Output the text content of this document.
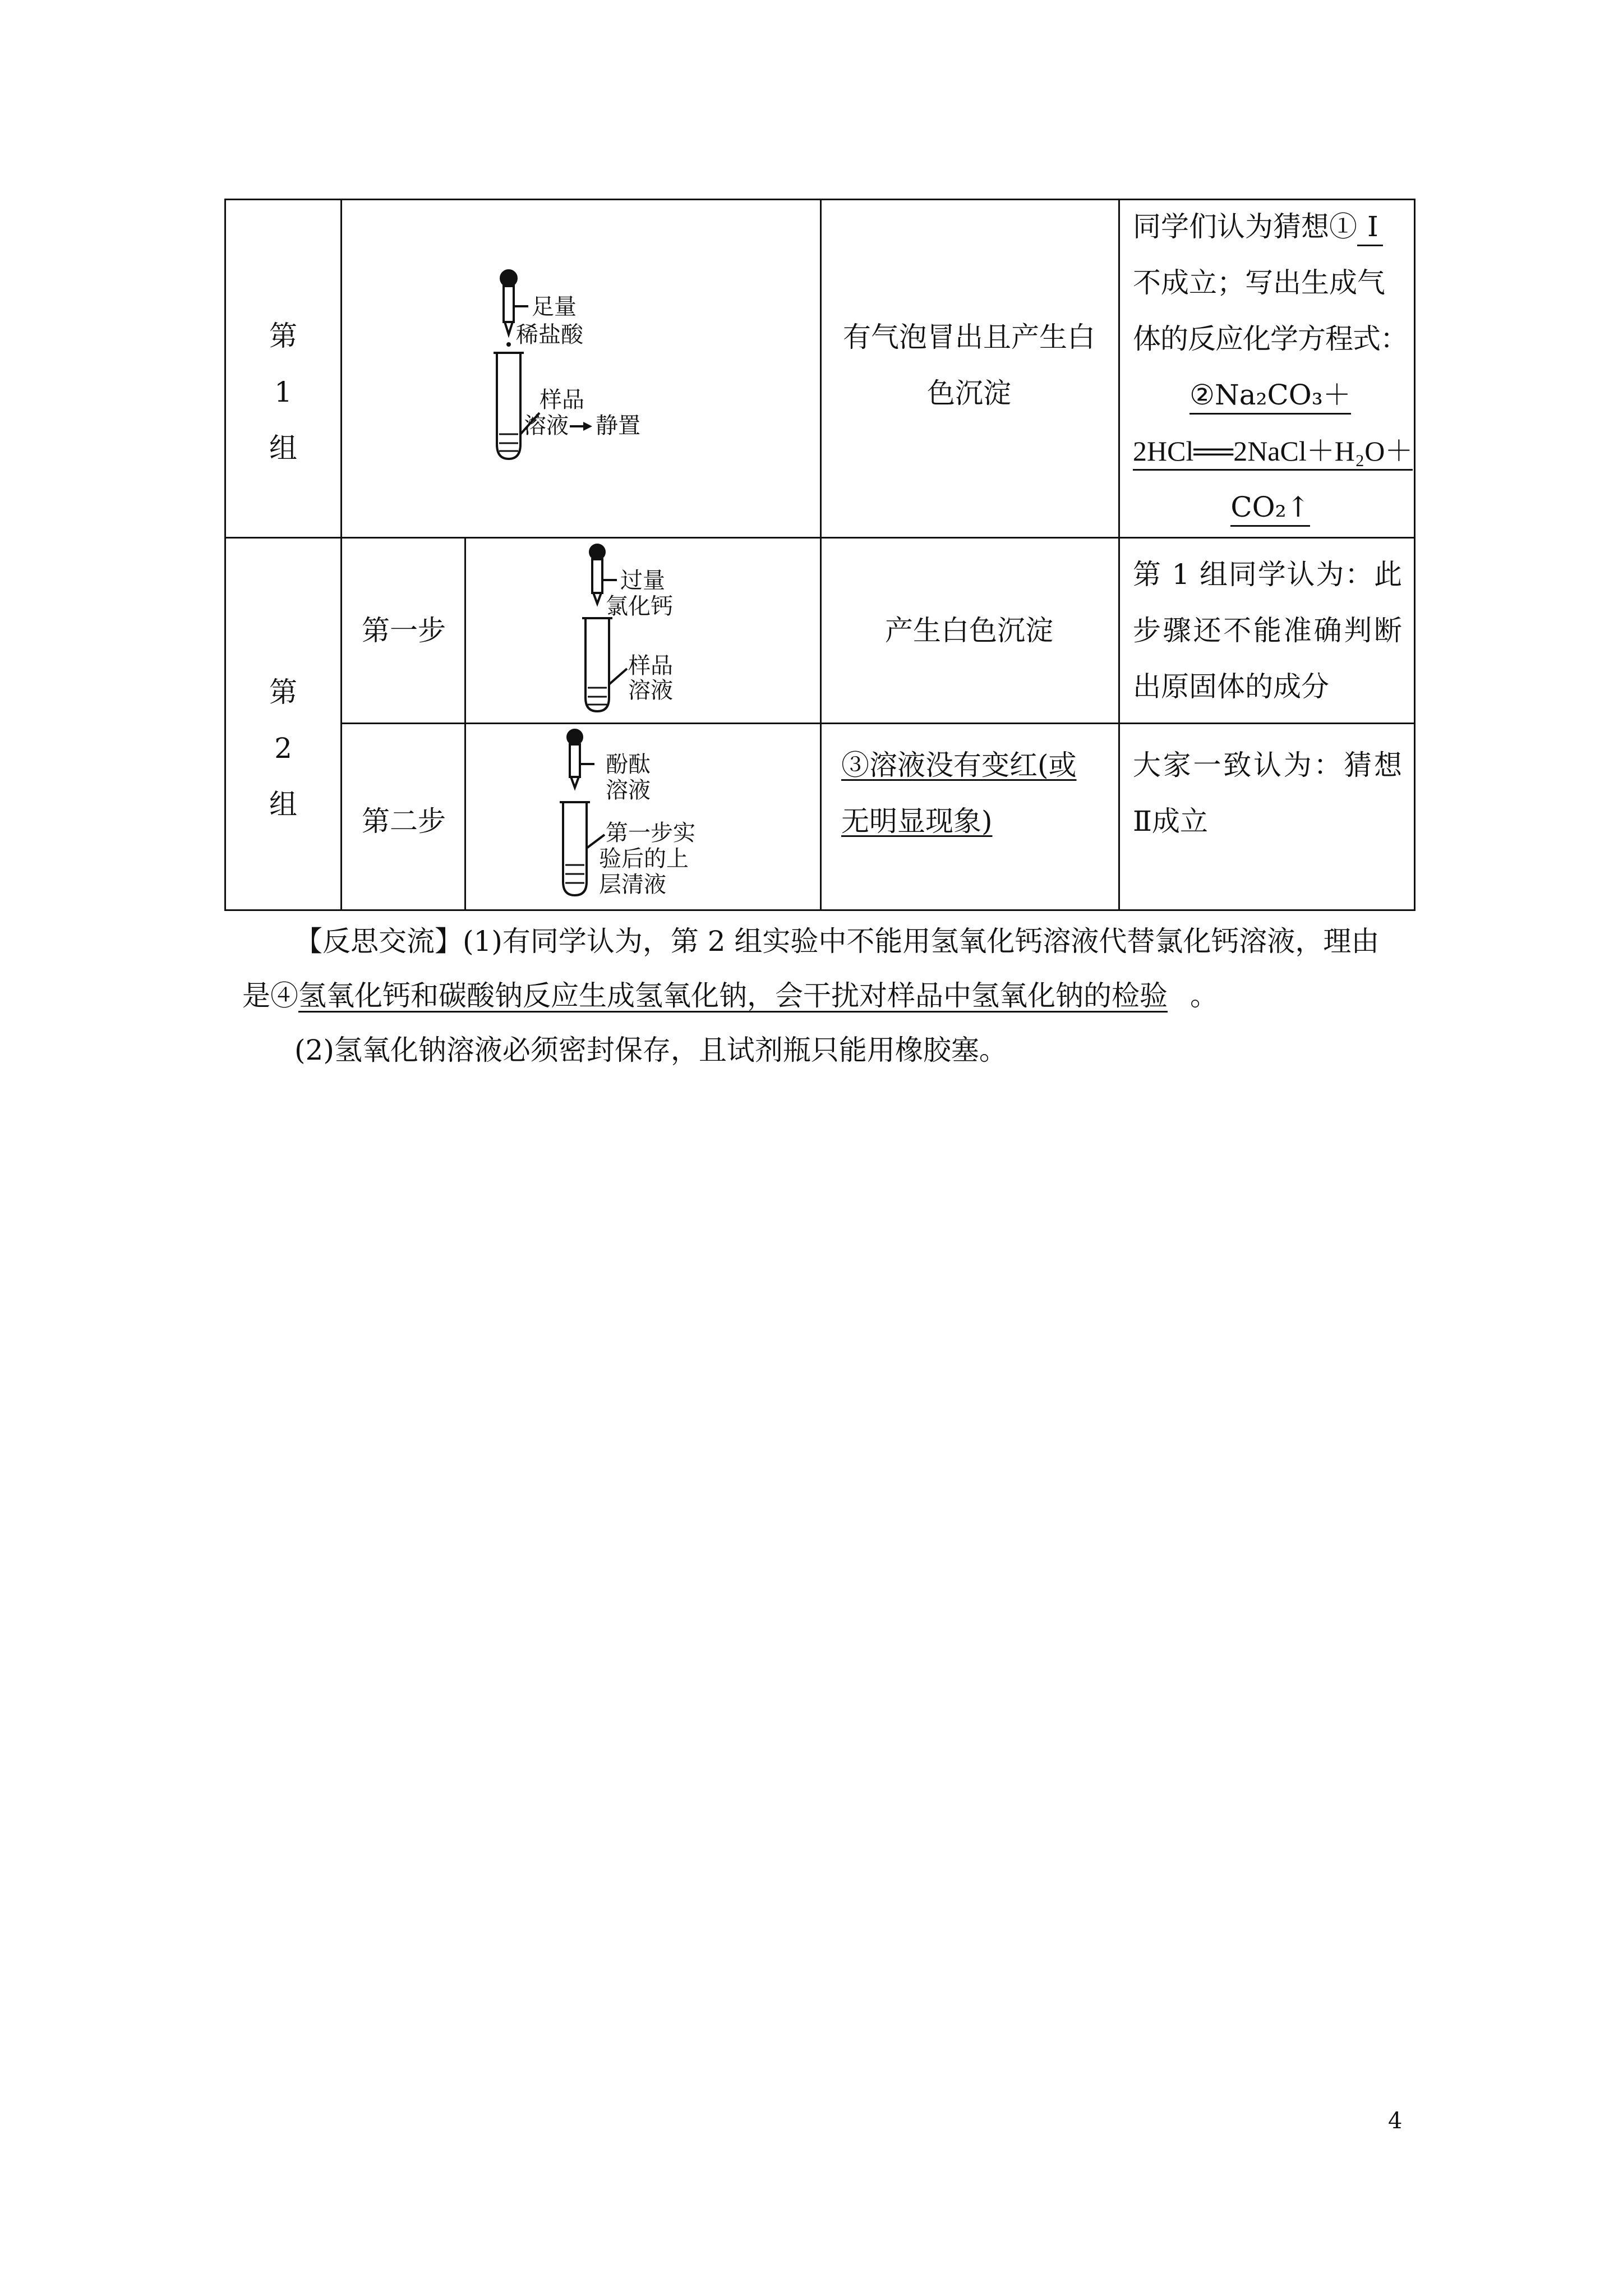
第 1 组
足量
稀盐酸
样品
溶液 静置
有气泡冒出且产生白色沉淀
同学们认为猜想① Ⅰ
不成立；写出生成气
体的反应化学方程式：
②Na₂CO₃＋
2HCl══2NaCl＋H₂O＋
CO₂↑
第 2 组
第一步
过量
氯化钙
样品
溶液
产生白色沉淀
第 1 组同学认为：此步骤还不能准确判断出原固体的成分
第二步
酚酞
溶液
第一步实
验后的上
层清液
③溶液没有变红(或无明显现象)
大家一致认为：猜想Ⅱ成立
【反思交流】(1)有同学认为，第 2 组实验中不能用氢氧化钙溶液代替氯化钙溶液，理由
是④氢氧化钙和碳酸钠反应生成氢氧化钠，会干扰对样品中氢氧化钠的检验 。
(2)氢氧化钠溶液必须密封保存，且试剂瓶只能用橡胶塞。
4
